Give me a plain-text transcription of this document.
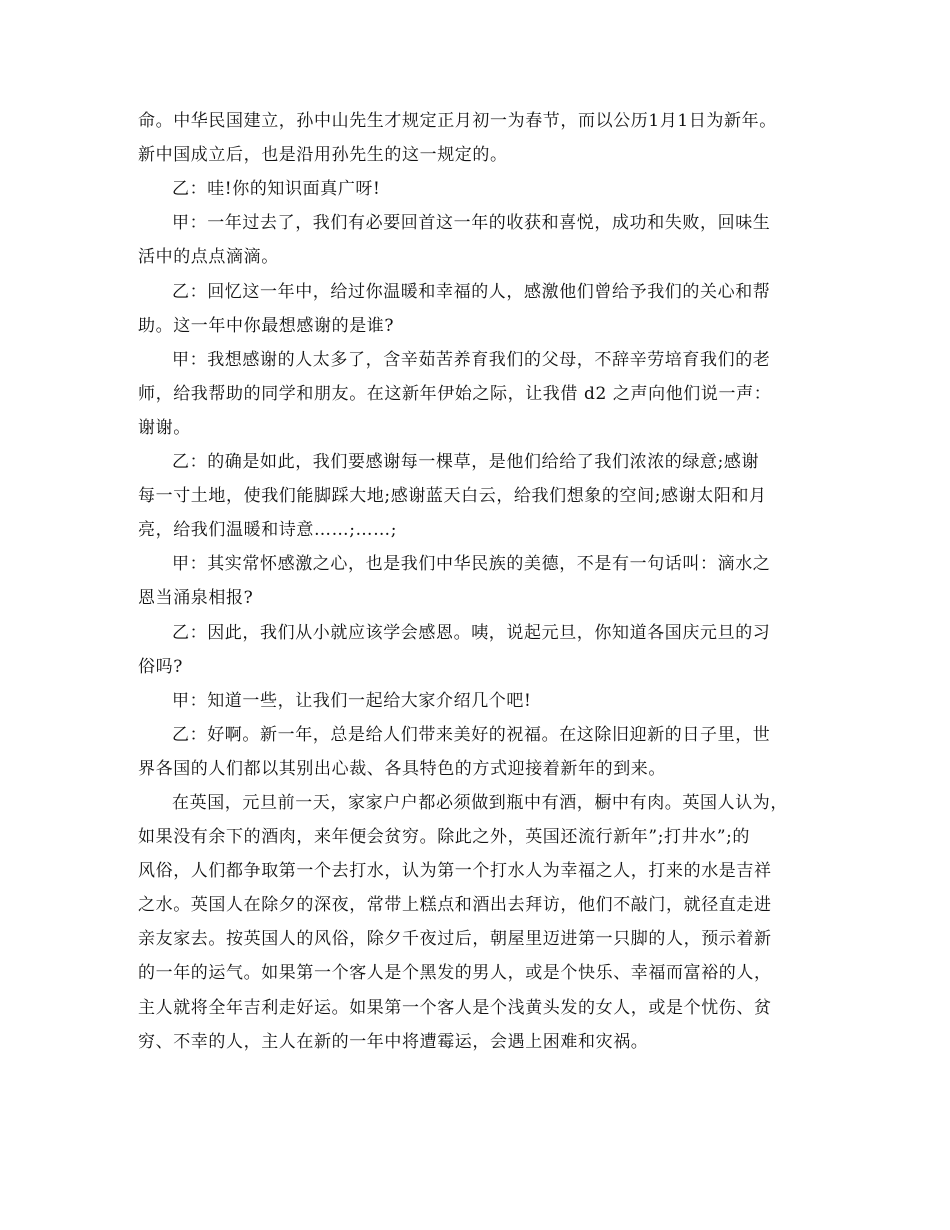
命。中华民国建立，孙中山先生才规定正月初一为春节，而以公历1月1日为新年。
新中国成立后，也是沿用孙先生的这一规定的。
乙：哇!你的知识面真广呀!
甲：一年过去了，我们有必要回首这一年的收获和喜悦，成功和失败，回味生
活中的点点滴滴。
乙：回忆这一年中，给过你温暖和幸福的人，感激他们曾给予我们的关心和帮
助。这一年中你最想感谢的是谁?
甲：我想感谢的人太多了，含辛茹苦养育我们的父母，不辞辛劳培育我们的老
师，给我帮助的同学和朋友。在这新年伊始之际，让我借 d2 之声向他们说一声：
谢谢。
乙：的确是如此，我们要感谢每一棵草，是他们给给了我们浓浓的绿意;感谢
每一寸土地，使我们能脚踩大地;感谢蓝天白云，给我们想象的空间;感谢太阳和月
亮，给我们温暖和诗意……;……;
甲：其实常怀感激之心，也是我们中华民族的美德，不是有一句话叫：滴水之
恩当涌泉相报?
乙：因此，我们从小就应该学会感恩。咦，说起元旦，你知道各国庆元旦的习
俗吗?
甲：知道一些，让我们一起给大家介绍几个吧!
乙：好啊。新一年，总是给人们带来美好的祝福。在这除旧迎新的日子里，世
界各国的人们都以其别出心裁、各具特色的方式迎接着新年的到来。
在英国，元旦前一天，家家户户都必须做到瓶中有酒，橱中有肉。英国人认为，
如果没有余下的酒肉，来年便会贫穷。除此之外，英国还流行新年”;打井水”;的
风俗，人们都争取第一个去打水，认为第一个打水人为幸福之人，打来的水是吉祥
之水。英国人在除夕的深夜，常带上糕点和酒出去拜访，他们不敲门，就径直走进
亲友家去。按英国人的风俗，除夕千夜过后，朝屋里迈进第一只脚的人，预示着新
的一年的运气。如果第一个客人是个黑发的男人，或是个快乐、幸福而富裕的人，
主人就将全年吉利走好运。如果第一个客人是个浅黄头发的女人，或是个忧伤、贫
穷、不幸的人，主人在新的一年中将遭霉运，会遇上困难和灾祸。
